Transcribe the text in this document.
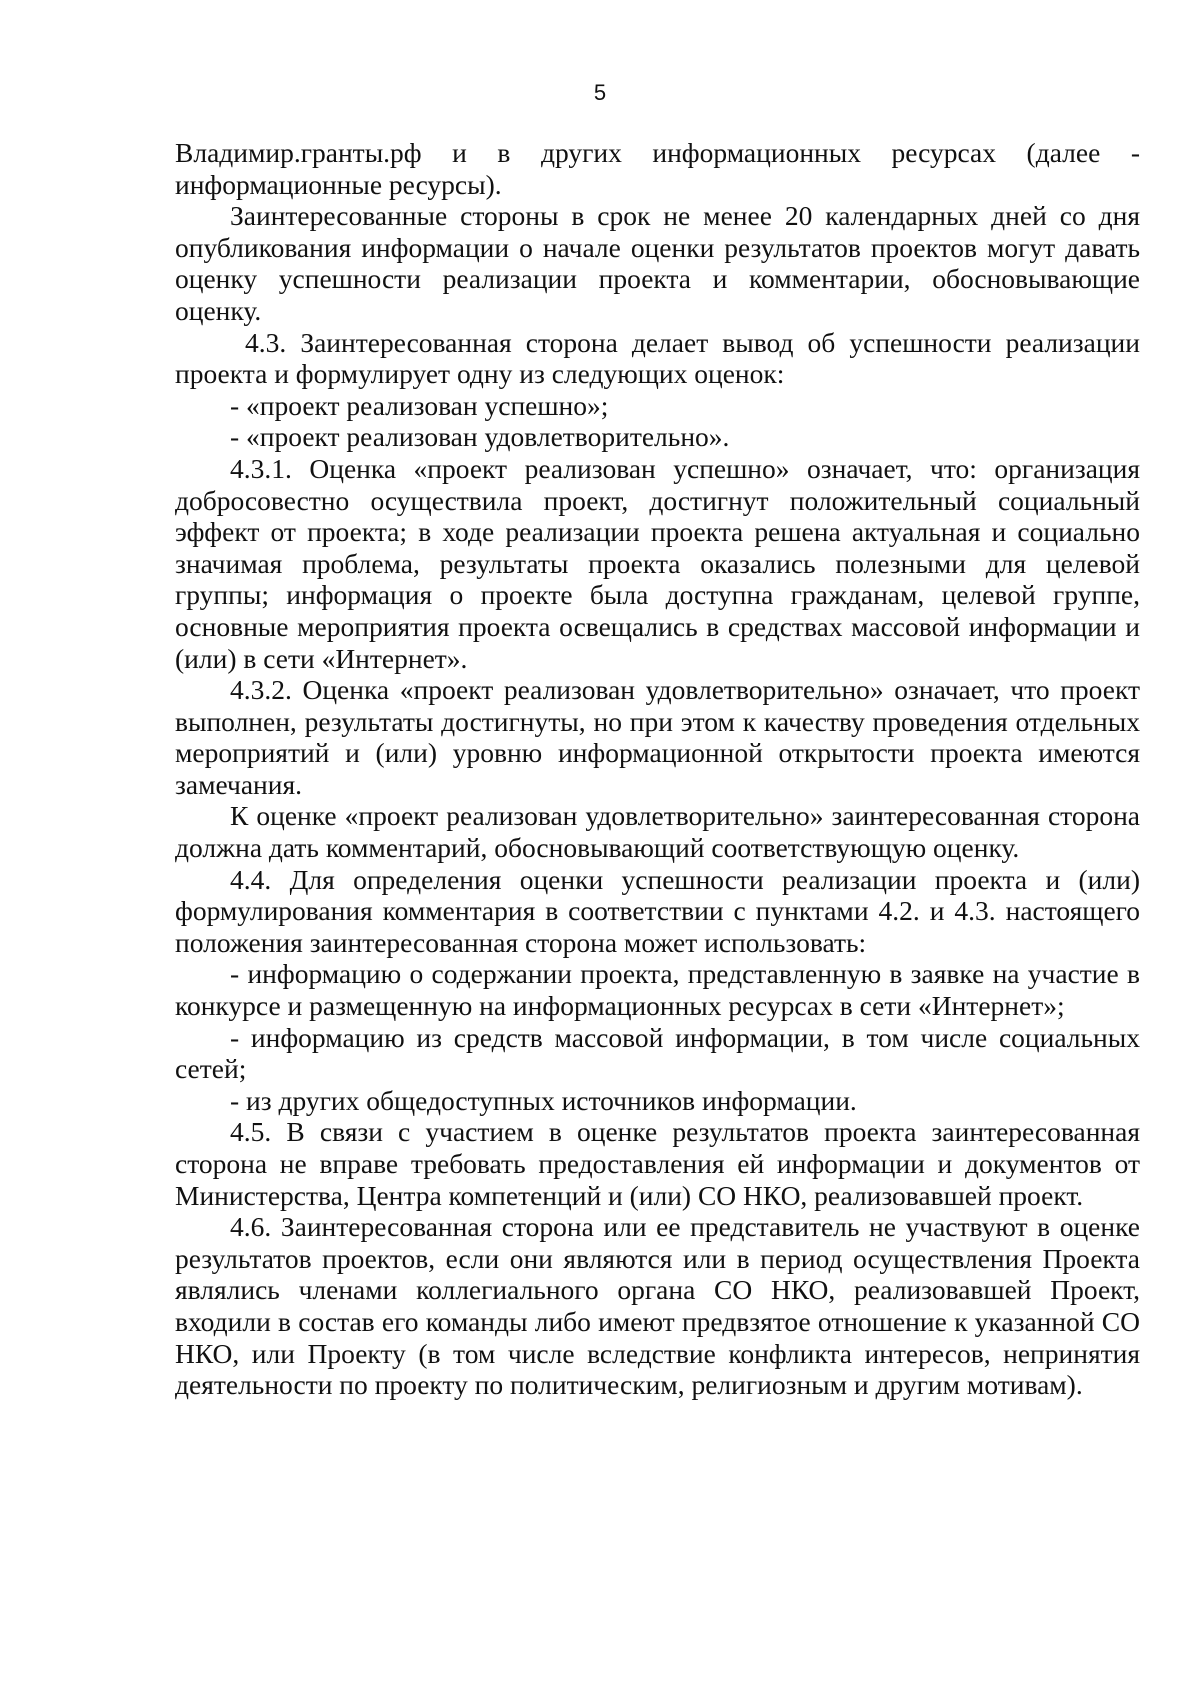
5

Владимир.гранты.рф и в других информационных ресурсах (далее - информационные ресурсы).

Заинтересованные стороны в срок не менее 20 календарных дней со дня опубликования информации о начале оценки результатов проектов могут давать оценку успешности реализации проекта и комментарии, обосновывающие оценку.

4.3. Заинтересованная сторона делает вывод об успешности реализации проекта и формулирует одну из следующих оценок:

- «проект реализован успешно»;

- «проект реализован удовлетворительно».

4.3.1. Оценка «проект реализован успешно» означает, что: организация добросовестно осуществила проект, достигнут положительный социальный эффект от проекта; в ходе реализации проекта решена актуальная и социально значимая проблема, результаты проекта оказались полезными для целевой группы; информация о проекте была доступна гражданам, целевой группе, основные мероприятия проекта освещались в средствах массовой информации и (или) в сети «Интернет».

4.3.2. Оценка «проект реализован удовлетворительно» означает, что проект выполнен, результаты достигнуты, но при этом к качеству проведения отдельных мероприятий и (или) уровню информационной открытости проекта имеются замечания.

К оценке «проект реализован удовлетворительно» заинтересованная сторона должна дать комментарий, обосновывающий соответствующую оценку.

4.4. Для определения оценки успешности реализации проекта и (или) формулирования комментария в соответствии с пунктами 4.2. и 4.3. настоящего положения заинтересованная сторона может использовать:

- информацию о содержании проекта, представленную в заявке на участие в конкурсе и размещенную на информационных ресурсах в сети «Интернет»;

- информацию из средств массовой информации, в том числе социальных сетей;

- из других общедоступных источников информации.

4.5. В связи с участием в оценке результатов проекта заинтересованная сторона не вправе требовать предоставления ей информации и документов от Министерства, Центра компетенций и (или) СО НКО, реализовавшей проект.

4.6. Заинтересованная сторона или ее представитель не участвуют в оценке результатов проектов, если они являются или в период осуществления Проекта являлись членами коллегиального органа СО НКО, реализовавшей Проект, входили в состав его команды либо имеют предвзятое отношение к указанной СО НКО, или Проекту (в том числе вследствие конфликта интересов, непринятия деятельности по проекту по политическим, религиозным и другим мотивам).
